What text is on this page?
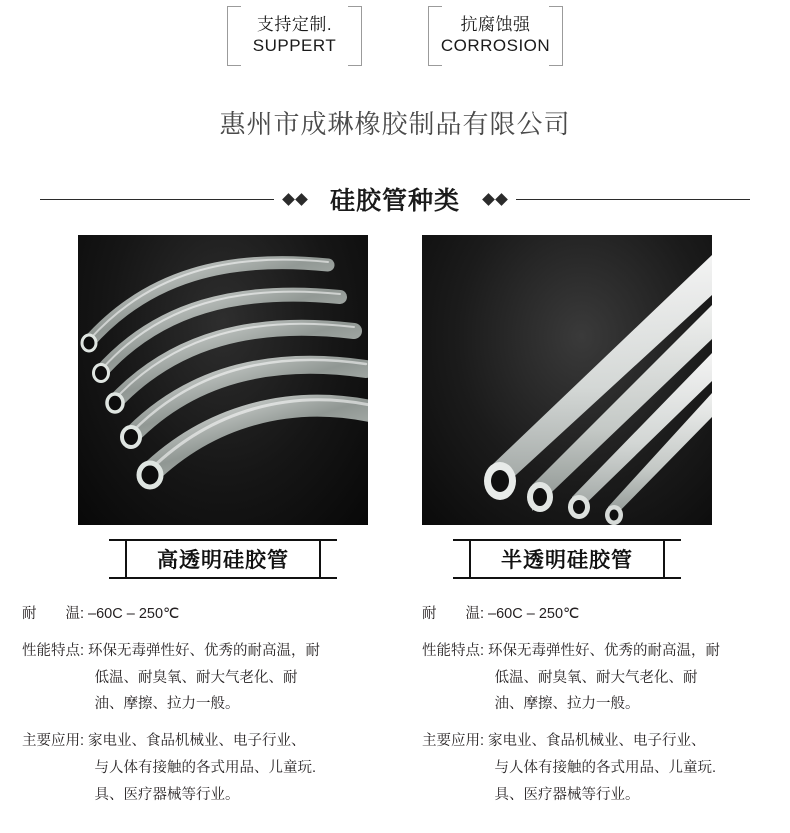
支持定制.
SUPPERT
抗腐蚀强
CORROSION
惠州市成琳橡胶制品有限公司
硅胶管种类
高透明硅胶管	半透明硅胶管
耐　　温: –60C – 250℃
性能特点: 环保无毒弹性好、优秀的耐高温，耐
　　　　　低温、耐臭氧、耐大气老化、耐
　　　　　油、摩擦、拉力一般。
主要应用: 家电业、食品机械业、电子行业、
　　　　　与人体有接触的各式用品、儿童玩.
　　　　　具、医疗器械等行业。
耐　　温: –60C – 250℃
性能特点: 环保无毒弹性好、优秀的耐高温，耐
　　　　　低温、耐臭氧、耐大气老化、耐
　　　　　油、摩擦、拉力一般。
主要应用: 家电业、食品机械业、电子行业、
　　　　　与人体有接触的各式用品、儿童玩.
　　　　　具、医疗器械等行业。
